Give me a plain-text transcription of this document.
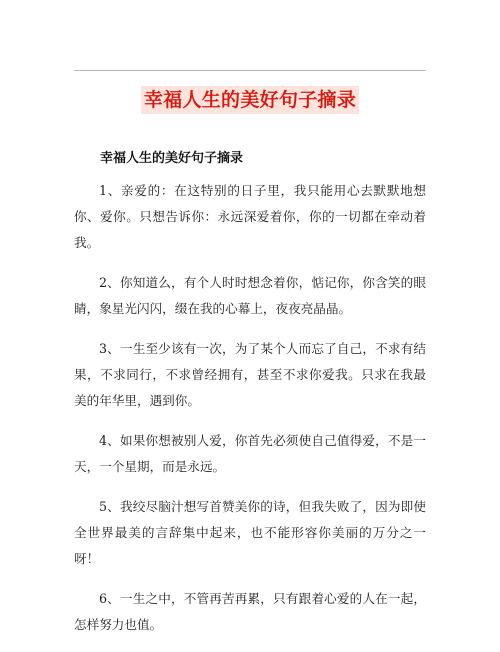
幸福人生的美好句子摘录
幸福人生的美好句子摘录

1、亲爱的：在这特别的日子里，我只能用心去默默地想你、爱你。只想告诉你：永远深爱着你，你的一切都在牵动着我。

2、你知道么，有个人时时想念着你，惦记你，你含笑的眼睛，象星光闪闪，缀在我的心幕上，夜夜亮晶晶。

3、一生至少该有一次，为了某个人而忘了自己，不求有结果，不求同行，不求曾经拥有，甚至不求你爱我。只求在我最美的年华里，遇到你。

4、如果你想被别人爱，你首先必须使自己值得爱，不是一天，一个星期，而是永远。

5、我绞尽脑汁想写首赞美你的诗，但我失败了，因为即使全世界最美的言辞集中起来，也不能形容你美丽的万分之一呀！

6、一生之中，不管再苦再累，只有跟着心爱的人在一起，怎样努力也值。
